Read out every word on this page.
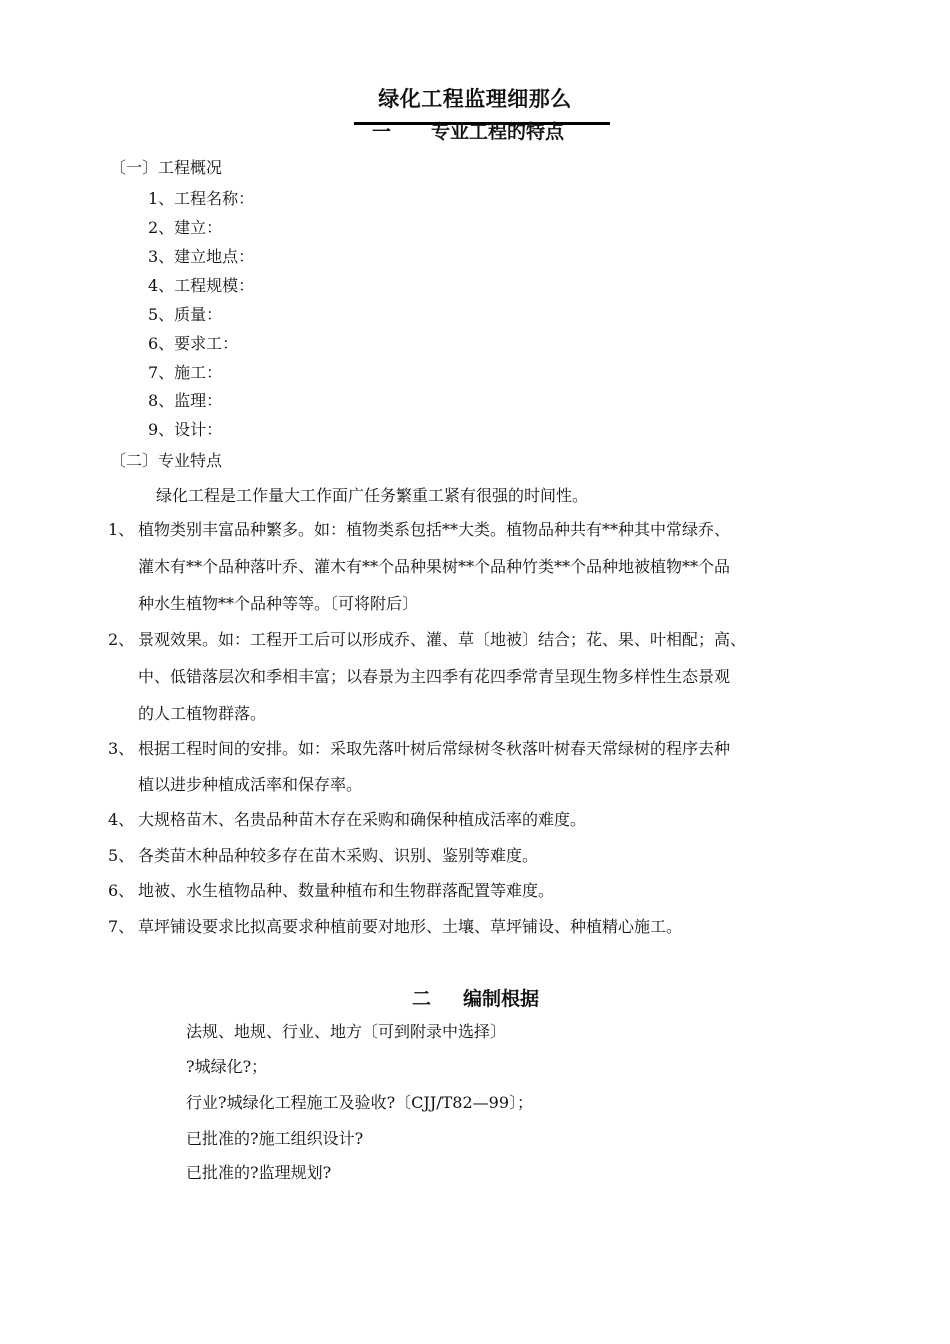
绿化工程监理细那么
一 专业工程的特点
〔一〕工程概况
1、工程名称：
2、建立：
3、建立地点：
4、工程规模：
5、质量：
6、要求工：
7、施工：
8、监理：
9、设计：
〔二〕专业特点
绿化工程是工作量大工作面广任务繁重工紧有很强的时间性。
1、 植物类别丰富品种繁多。如：植物类系包括**大类。植物品种共有**种其中常绿乔、
灌木有**个品种落叶乔、灌木有**个品种果树**个品种竹类**个品种地被植物**个品
种水生植物**个品种等等。〔可将附后〕
2、 景观效果。如：工程开工后可以形成乔、灌、草〔地被〕结合；花、果、叶相配；高、
中、低错落层次和季相丰富；以春景为主四季有花四季常青呈现生物多样性生态景观
的人工植物群落。
3、 根据工程时间的安排。如：采取先落叶树后常绿树冬秋落叶树春天常绿树的程序去种
植以进步种植成活率和保存率。
4、 大规格苗木、名贵品种苗木存在采购和确保种植成活率的难度。
5、 各类苗木种品种较多存在苗木采购、识别、鉴别等难度。
6、 地被、水生植物品种、数量种植布和生物群落配置等难度。
7、 草坪铺设要求比拟高要求种植前要对地形、土壤、草坪铺设、种植精心施工。
二 编制根据
法规、地规、行业、地方〔可到附录中选择〕
?城绿化?；
行业?城绿化工程施工及验收?〔CJJ/T82—99〕；
已批准的?施工组织设计?
已批准的?监理规划?
